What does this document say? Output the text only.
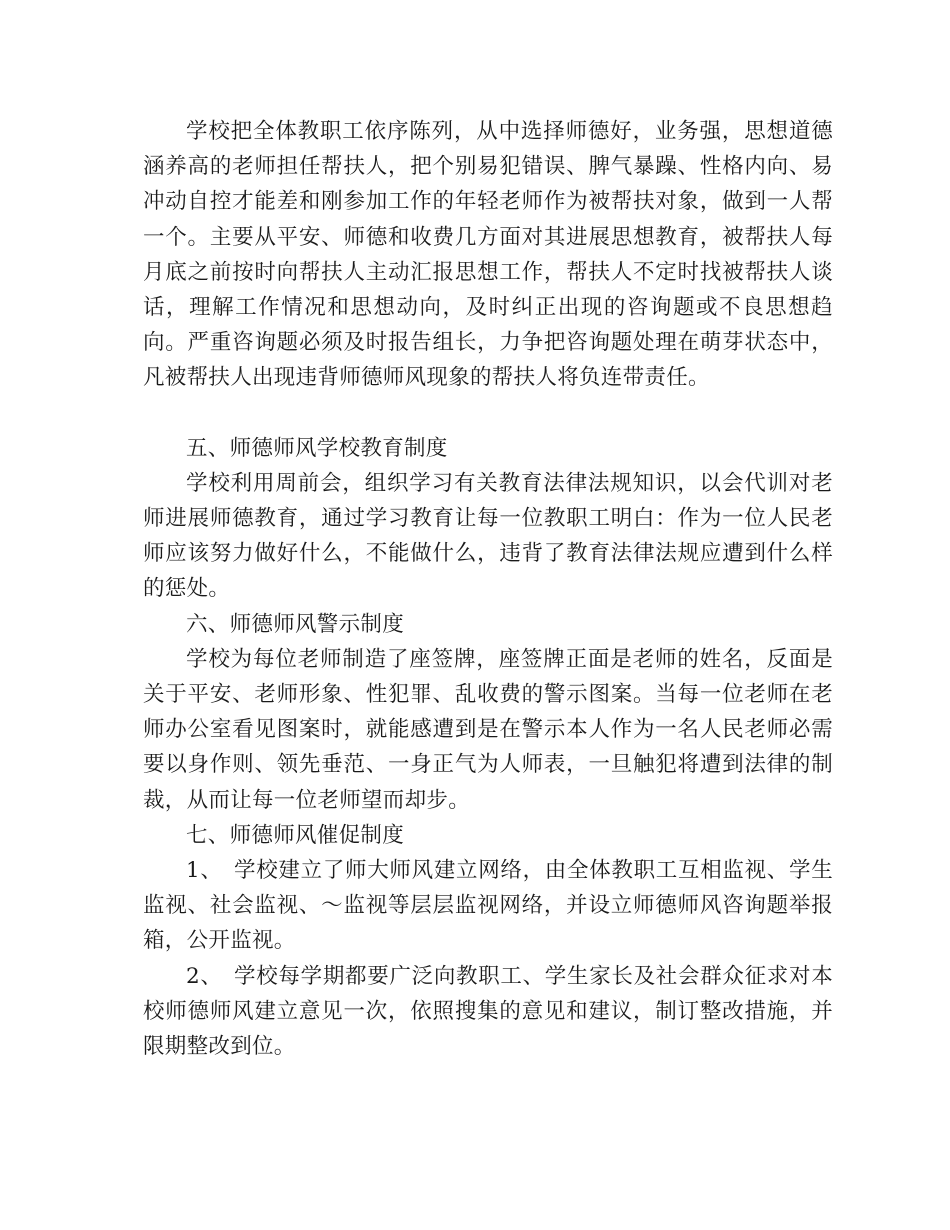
学校把全体教职工依序陈列，从中选择师德好，业务强，思想道德涵养高的老师担任帮扶人，把个别易犯错误、脾气暴躁、性格内向、易冲动自控才能差和刚参加工作的年轻老师作为被帮扶对象，做到一人帮一个。主要从平安、师德和收费几方面对其进展思想教育，被帮扶人每月底之前按时向帮扶人主动汇报思想工作，帮扶人不定时找被帮扶人谈话，理解工作情况和思想动向，及时纠正出现的咨询题或不良思想趋向。严重咨询题必须及时报告组长，力争把咨询题处理在萌芽状态中，凡被帮扶人出现违背师德师风现象的帮扶人将负连带责任。

五、师德师风学校教育制度

学校利用周前会，组织学习有关教育法律法规知识，以会代训对老师进展师德教育，通过学习教育让每一位教职工明白：作为一位人民老师应该努力做好什么，不能做什么，违背了教育法律法规应遭到什么样的惩处。

六、师德师风警示制度

学校为每位老师制造了座签牌，座签牌正面是老师的姓名，反面是关于平安、老师形象、性犯罪、乱收费的警示图案。当每一位老师在老师办公室看见图案时，就能感遭到是在警示本人作为一名人民老师必需要以身作则、领先垂范、一身正气为人师表，一旦触犯将遭到法律的制裁，从而让每一位老师望而却步。

七、师德师风催促制度

1、　学校建立了师大师风建立网络，由全体教职工互相监视、学生监视、社会监视、～监视等层层监视网络，并设立师德师风咨询题举报箱，公开监视。

2、　学校每学期都要广泛向教职工、学生家长及社会群众征求对本校师德师风建立意见一次，依照搜集的意见和建议，制订整改措施，并限期整改到位。
